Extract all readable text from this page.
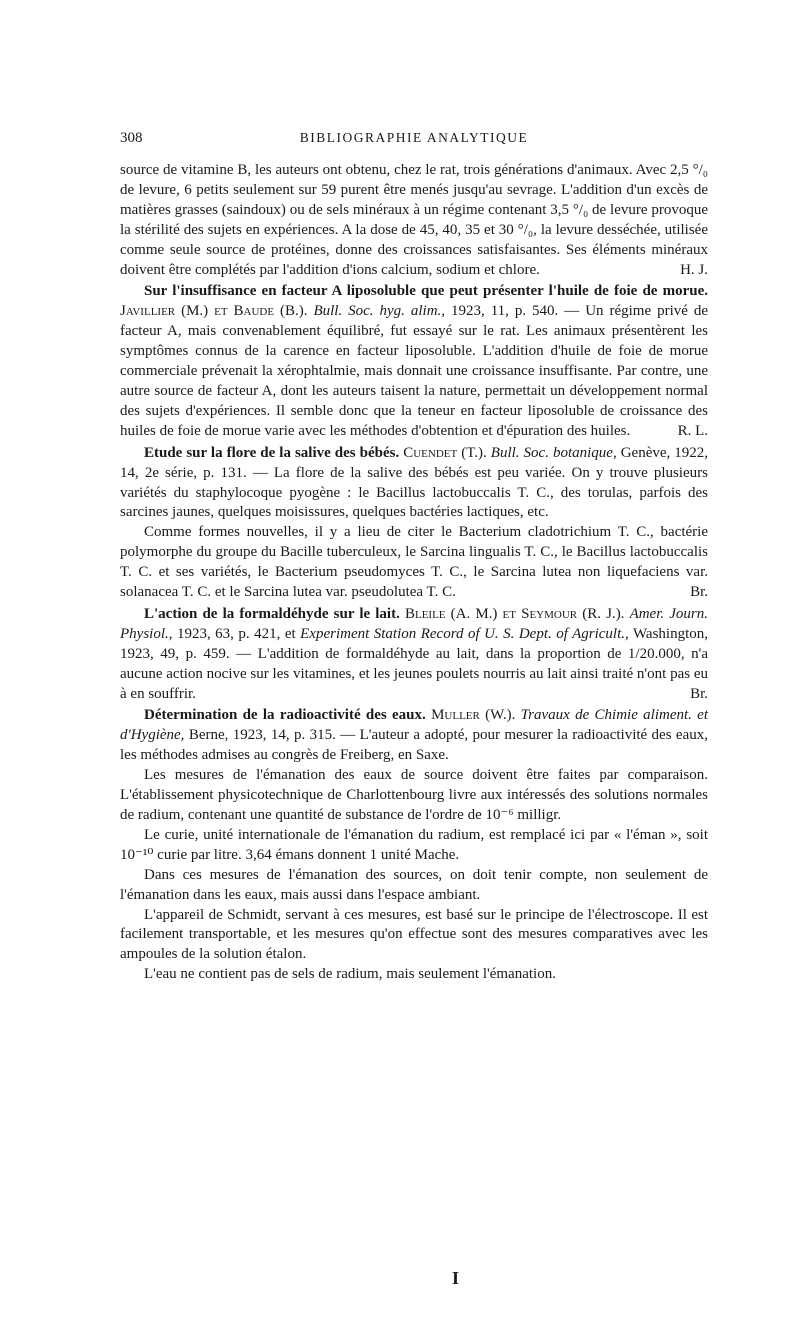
308	BIBLIOGRAPHIE ANALYTIQUE

source de vitamine B, les auteurs ont obtenu, chez le rat, trois générations d'animaux. Avec 2,5 °/₀ de levure, 6 petits seulement sur 59 purent être menés jusqu'au sevrage. L'addition d'un excès de matières grasses (saindoux) ou de sels minéraux à un régime contenant 3,5 °/₀ de levure provoque la stérilité des sujets en expériences. A la dose de 45, 40, 35 et 30 °/₀, la levure desséchée, utilisée comme seule source de protéines, donne des croissances satisfaisantes. Ses éléments minéraux doivent être complétés par l'addition d'ions calcium, sodium et chlore.	H. J.

Sur l'insuffisance en facteur A liposoluble que peut présenter l'huile de foie de morue. Javillier (M.) et Baude (B.). Bull. Soc. hyg. alim., 1923, 11, p. 540. — Un régime privé de facteur A, mais convenablement équilibré, fut essayé sur le rat. Les animaux présentèrent les symptômes connus de la carence en facteur liposoluble. L'addition d'huile de foie de morue commerciale prévenait la xérophtalmie, mais donnait une croissance insuffisante. Par contre, une autre source de facteur A, dont les auteurs taisent la nature, permettait un développement normal des sujets d'expériences. Il semble donc que la teneur en facteur liposoluble de croissance des huiles de foie de morue varie avec les méthodes d'obtention et d'épuration des huiles.	R. L.

Etude sur la flore de la salive des bébés. Cuendet (T.). Bull. Soc. botanique, Genève, 1922, 14, 2e série, p. 131. — La flore de la salive des bébés est peu variée. On y trouve plusieurs variétés du staphylocoque pyogène : le Bacillus lactobuccalis T. C., des torulas, parfois des sarcines jaunes, quelques moisissures, quelques bactéries lactiques, etc.

Comme formes nouvelles, il y a lieu de citer le Bacterium cladotrichium T. C., bactérie polymorphe du groupe du Bacille tuberculeux, le Sarcina lingualis T. C., le Bacillus lactobuccalis T. C. et ses variétés, le Bacterium pseudomyces T. C., le Sarcina lutea non liquefaciens var. solanacea T. C. et le Sarcina lutea var. pseudolutea T. C.	Br.

L'action de la formaldéhyde sur le lait. Bleile (A. M.) et Seymour (R. J.). Amer. Journ. Physiol., 1923, 63, p. 421, et Experiment Station Record of U. S. Dept. of Agricult., Washington, 1923, 49, p. 459. — L'addition de formaldéhyde au lait, dans la proportion de 1/20.000, n'a aucune action nocive sur les vitamines, et les jeunes poulets nourris au lait ainsi traité n'ont pas eu à en souffrir.	Br.

Détermination de la radioactivité des eaux. Muller (W.). Travaux de Chimie aliment. et d'Hygiène, Berne, 1923, 14, p. 315. — L'auteur a adopté, pour mesurer la radioactivité des eaux, les méthodes admises au congrès de Freiberg, en Saxe.

Les mesures de l'émanation des eaux de source doivent être faites par comparaison. L'établissement physicotechnique de Charlottenbourg livre aux intéressés des solutions normales de radium, contenant une quantité de substance de l'ordre de 10⁻⁶ milligr.

Le curie, unité internationale de l'émanation du radium, est remplacé ici par « l'éman », soit 10⁻¹⁰ curie par litre. 3,64 émans donnent 1 unité Mache.

Dans ces mesures de l'émanation des sources, on doit tenir compte, non seulement de l'émanation dans les eaux, mais aussi dans l'espace ambiant.

L'appareil de Schmidt, servant à ces mesures, est basé sur le principe de l'électroscope. Il est facilement transportable, et les mesures qu'on effectue sont des mesures comparatives avec les ampoules de la solution étalon.

L'eau ne contient pas de sels de radium, mais seulement l'émanation.

I
